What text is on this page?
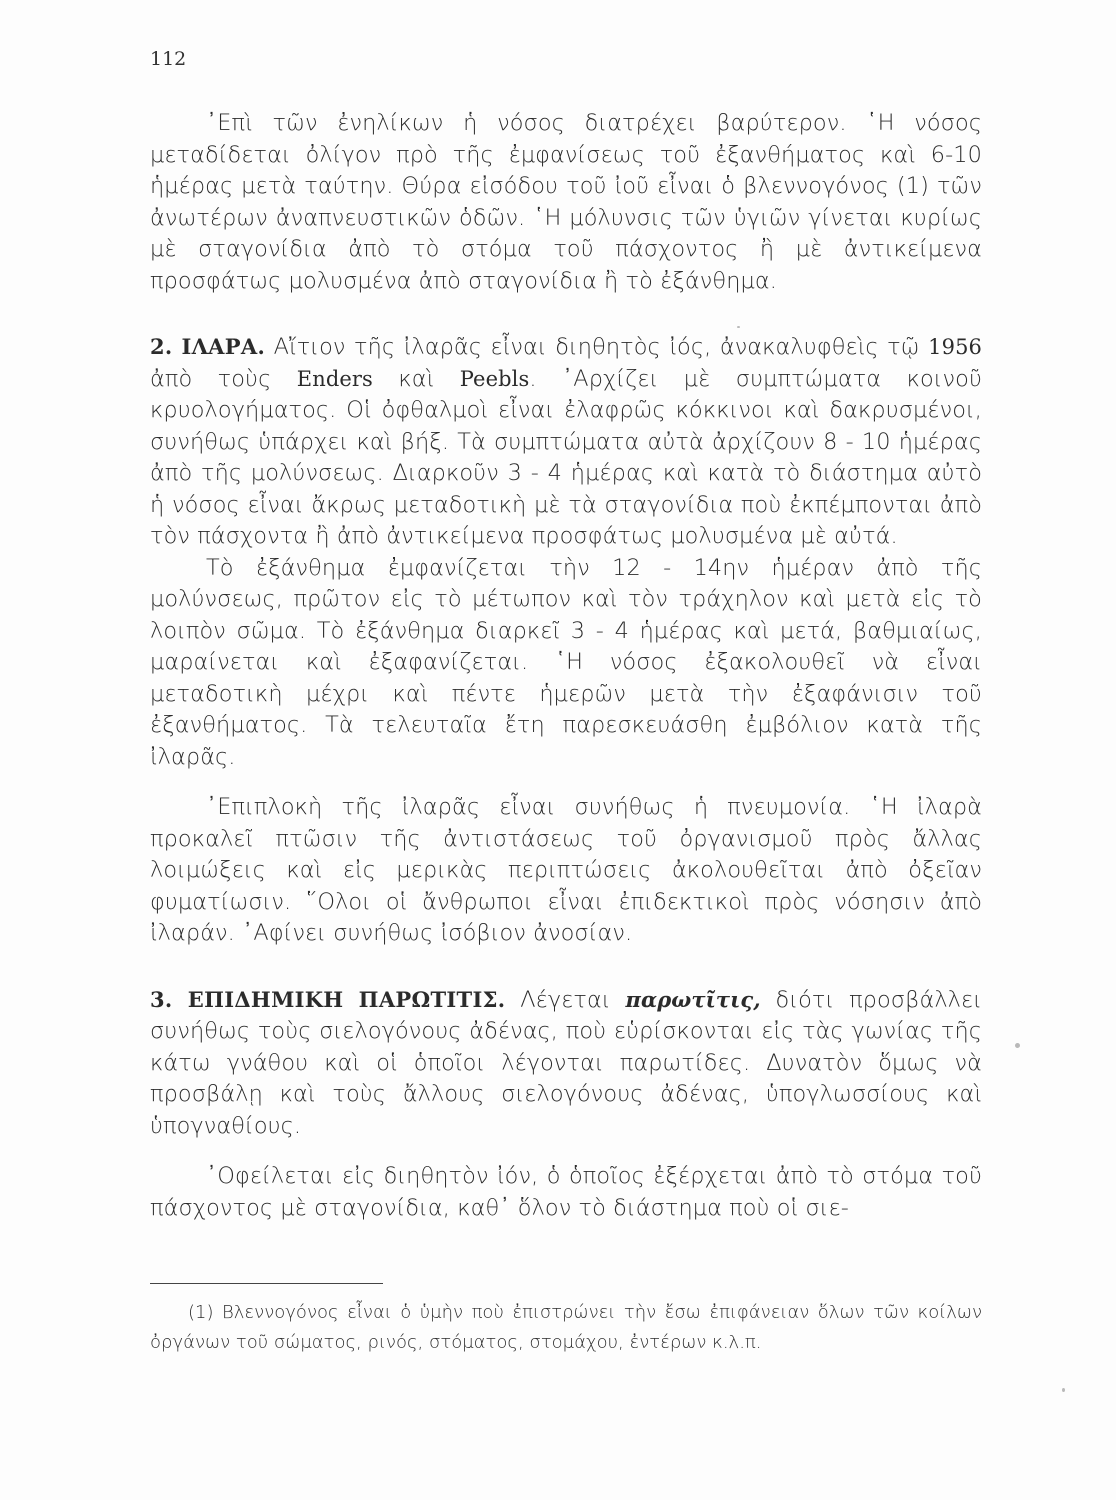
112

᾿Επὶ τῶν ἐνηλίκων ἡ νόσος διατρέχει βαρύτερον. ῾Η νόσος μεταδίδεται ὀλίγον πρὸ τῆς ἐμφανίσεως τοῦ ἐξανθήματος καὶ 6-10 ἡμέρας μετὰ ταύτην. Θύρα εἰσόδου τοῦ ἰοῦ εἶναι ὁ βλεννογόνος (1) τῶν ἀνωτέρων ἀναπνευστικῶν ὁδῶν. ῾Η μόλυνσις τῶν ὑγιῶν γίνεται κυρίως μὲ σταγονίδια ἀπὸ τὸ στόμα τοῦ πάσχοντος ἢ μὲ ἀντικείμενα προσφάτως μολυσμένα ἀπὸ σταγονίδια ἢ τὸ ἐξάνθημα.

2. ΙΛΑΡΑ. Αἴτιον τῆς ἰλαρᾶς εἶναι διηθητὸς ἰός, ἀνακαλυφθεὶς τῷ 1956 ἀπὸ τοὺς Enders καὶ Peebls. ᾿Αρχίζει μὲ συμπτώματα κοινοῦ κρυολογήματος. Οἱ ὀφθαλμοὶ εἶναι ἐλαφρῶς κόκκινοι καὶ δακρυσμένοι, συνήθως ὑπάρχει καὶ βήξ. Τὰ συμπτώματα αὐτὰ ἀρχίζουν 8 - 10 ἡμέρας ἀπὸ τῆς μολύνσεως. Διαρκοῦν 3 - 4 ἡμέρας καὶ κατὰ τὸ διάστημα αὐτὸ ἡ νόσος εἶναι ἄκρως μεταδοτικὴ μὲ τὰ σταγονίδια ποὺ ἐκπέμπονται ἀπὸ τὸν πάσχοντα ἢ ἀπὸ ἀντικείμενα προσφάτως μολυσμένα μὲ αὐτά.

Τὸ ἐξάνθημα ἐμφανίζεται τὴν 12 - 14ην ἡμέραν ἀπὸ τῆς μολύνσεως, πρῶτον εἰς τὸ μέτωπον καὶ τὸν τράχηλον καὶ μετὰ εἰς τὸ λοιπὸν σῶμα. Τὸ ἐξάνθημα διαρκεῖ 3 - 4 ἡμέρας καὶ μετά, βαθμιαίως, μαραίνεται καὶ ἐξαφανίζεται. ῾Η νόσος ἐξακολουθεῖ νὰ εἶναι μεταδοτικὴ μέχρι καὶ πέντε ἡμερῶν μετὰ τὴν ἐξαφάνισιν τοῦ ἐξανθήματος. Τὰ τελευταῖα ἔτη παρεσκευάσθη ἐμβόλιον κατὰ τῆς ἰλαρᾶς.

᾿Επιπλοκὴ τῆς ἰλαρᾶς εἶναι συνήθως ἡ πνευμονία. ῾Η ἰλαρὰ προκαλεῖ πτῶσιν τῆς ἀντιστάσεως τοῦ ὀργανισμοῦ πρὸς ἄλλας λοιμώξεις καὶ εἰς μερικὰς περιπτώσεις ἀκολουθεῖται ἀπὸ ὀξεῖαν φυματίωσιν. ῞Ολοι οἱ ἄνθρωποι εἶναι ἐπιδεκτικοὶ πρὸς νόσησιν ἀπὸ ἰλαράν. ᾿Αφίνει συνήθως ἰσόβιον ἀνοσίαν.

3. ΕΠΙΔΗΜΙΚΗ ΠΑΡΩΤΙΤΙΣ. Λέγεται παρωτῖτις, διότι προσβάλλει συνήθως τοὺς σιελογόνους ἀδένας, ποὺ εὑρίσκονται εἰς τὰς γωνίας τῆς κάτω γνάθου καὶ οἱ ὁποῖοι λέγονται παρωτίδες. Δυνατὸν ὅμως νὰ προσβάλῃ καὶ τοὺς ἄλλους σιελογόνους ἀδένας, ὑπογλωσσίους καὶ ὑπογναθίους.

᾿Οφείλεται εἰς διηθητὸν ἰόν, ὁ ὁποῖος ἐξέρχεται ἀπὸ τὸ στόμα τοῦ πάσχοντος μὲ σταγονίδια, καθ᾿ ὅλον τὸ διάστημα ποὺ οἱ σιε-

(1) Βλεννογόνος εἶναι ὁ ὑμὴν ποὺ ἐπιστρώνει τὴν ἔσω ἐπιφάνειαν ὅλων τῶν κοίλων ὀργάνων τοῦ σώματος, ρινός, στόματος, στομάχου, ἐντέρων κ.λ.π.
